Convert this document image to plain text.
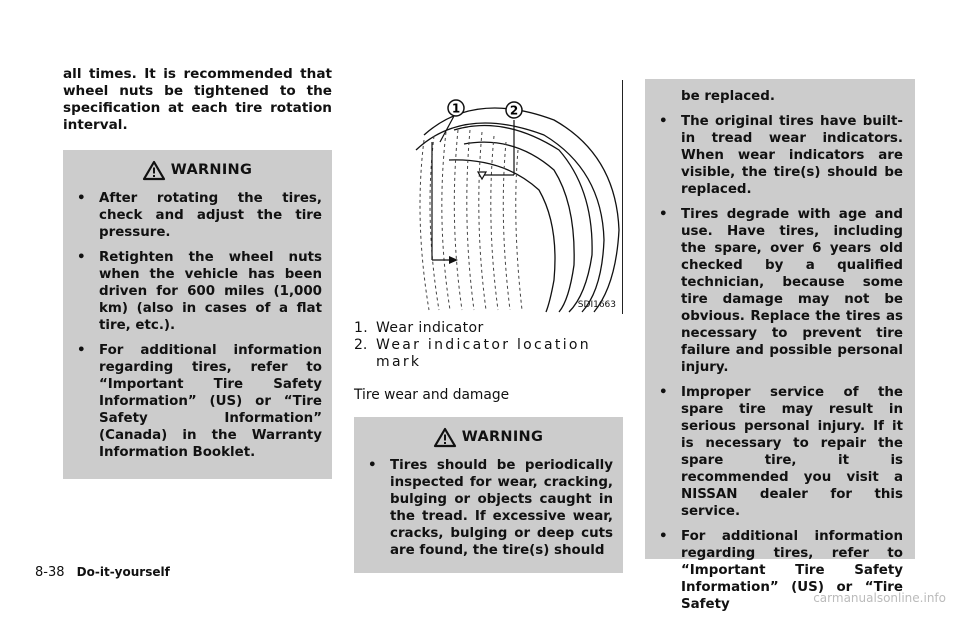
all times. It is recommended that wheel nuts be tightened to the specification at each tire rotation interval.

WARNING
• After rotating the tires, check and adjust the tire pressure.
• Retighten the wheel nuts when the vehicle has been driven for 600 miles (1,000 km) (also in cases of a flat tire, etc.).
• For additional information regarding tires, refer to “Important Tire Safety Information” (US) or “Tire Safety Information” (Canada) in the Warranty Information Booklet.
1	2
SDI1663
1. Wear indicator
2. Wear indicator location mark

Tire wear and damage

WARNING
• Tires should be periodically inspected for wear, cracking, bulging or objects caught in the tread. If excessive wear, cracks, bulging or deep cuts are found, the tire(s) should
be replaced.
• The original tires have built-in tread wear indicators. When wear indicators are visible, the tire(s) should be replaced.
• Tires degrade with age and use. Have tires, including the spare, over 6 years old checked by a qualified technician, because some tire damage may not be obvious. Replace the tires as necessary to prevent tire failure and possible personal injury.
• Improper service of the spare tire may result in serious personal injury. If it is necessary to repair the spare tire, it is recommended you visit a NISSAN dealer for this service.
• For additional information regarding tires, refer to “Important Tire Safety Information” (US) or “Tire Safety
8-38 Do-it-yourself
carmanualsonline.info
